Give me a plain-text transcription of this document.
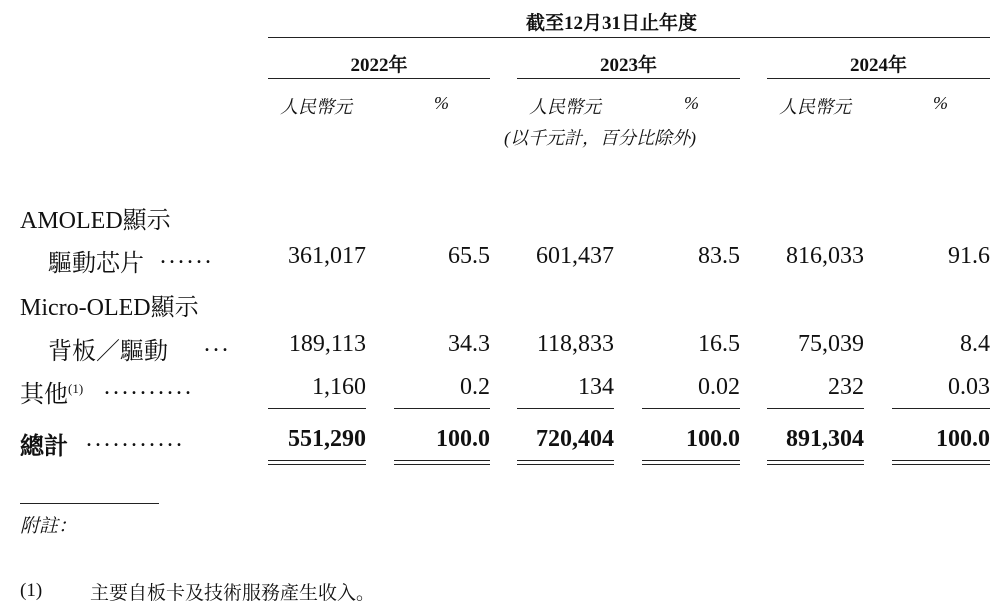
截至12月31日止年度
2022年	2023年	2024年
人民幣元	%	人民幣元	%	人民幣元	%
(以千元計，百分比除外)
AMOLED顯示
驅動芯片 ......	361,017	65.5 601,437	83.5 816,033	91.6
Micro-OLED顯示
背板／驅動 ... 189,113	34.3 118,833	16.5 75,039	8.4
其他$^{(1)}$ ..........	1,160	0.2	134	0.02	232	0.03
總計 ...........	551,290	100.0 720,404	100.0 891,304	100.0
附註：
(1)	主要自板卡及技術服務產生收入。
